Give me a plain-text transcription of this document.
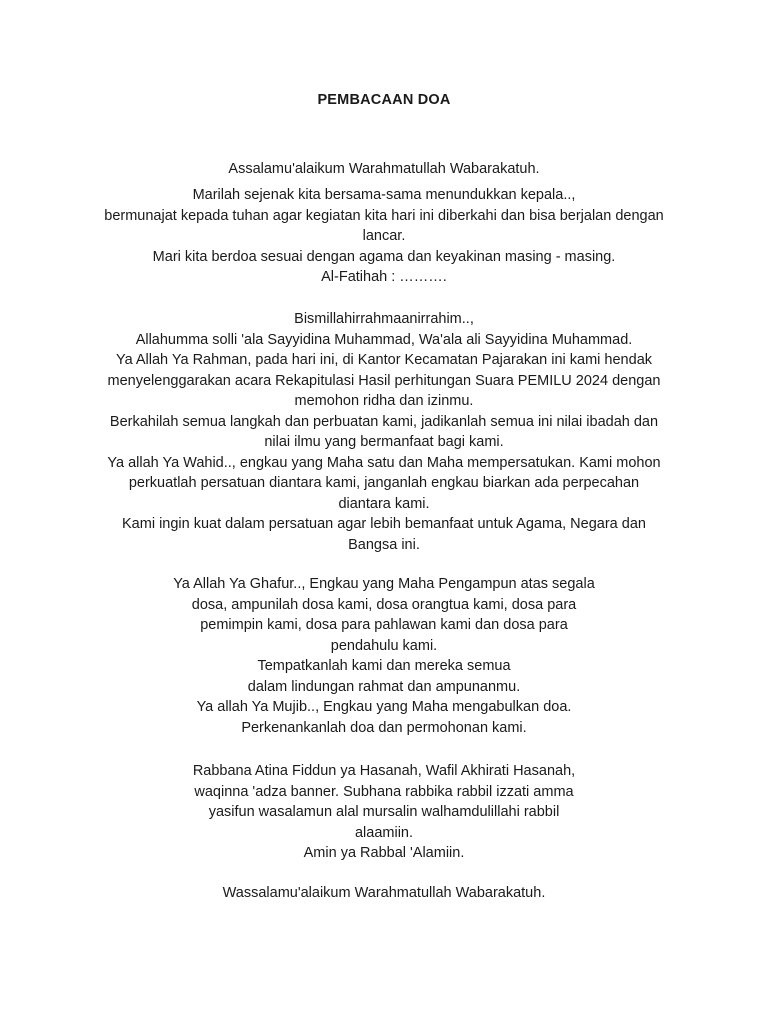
PEMBACAAN DOA
Assalamu'alaikum Warahmatullah Wabarakatuh.
Marilah sejenak kita bersama-sama menundukkan kepala..,
bermunajat kepada tuhan agar kegiatan kita hari ini diberkahi dan bisa berjalan dengan
lancar.
Mari kita berdoa sesuai dengan agama dan keyakinan masing - masing.
Al-Fatihah : ……….
Bismillahirrahmaanirrahim..,
Allahumma solli 'ala Sayyidina Muhammad, Wa'ala ali Sayyidina Muhammad.
Ya Allah Ya Rahman, pada hari ini, di Kantor Kecamatan Pajarakan ini kami hendak
menyelenggarakan acara Rekapitulasi Hasil perhitungan Suara PEMILU 2024 dengan
memohon ridha dan izinmu.
Berkahilah semua langkah dan perbuatan kami, jadikanlah semua ini nilai ibadah dan
nilai ilmu yang bermanfaat bagi kami.
Ya allah Ya Wahid.., engkau yang Maha satu dan Maha mempersatukan. Kami mohon
perkuatlah persatuan diantara kami, janganlah engkau biarkan ada perpecahan
diantara kami.
Kami ingin kuat dalam persatuan agar lebih bemanfaat untuk Agama, Negara dan
Bangsa ini.
Ya Allah Ya Ghafur.., Engkau yang Maha Pengampun atas segala
dosa, ampunilah dosa kami, dosa orangtua kami, dosa para
pemimpin kami, dosa para pahlawan kami dan dosa para
pendahulu kami.
Tempatkanlah kami dan mereka semua
dalam lindungan rahmat dan ampunanmu.
Ya allah Ya Mujib.., Engkau yang Maha mengabulkan doa.
Perkenankanlah doa dan permohonan kami.
Rabbana Atina Fiddun ya Hasanah, Wafil Akhirati Hasanah,
waqinna 'adza banner. Subhana rabbika rabbil izzati amma
yasifun wasalamun alal mursalin walhamdulillahi rabbil
alaamiin.
Amin ya Rabbal 'Alamiin.
Wassalamu'alaikum Warahmatullah Wabarakatuh.
